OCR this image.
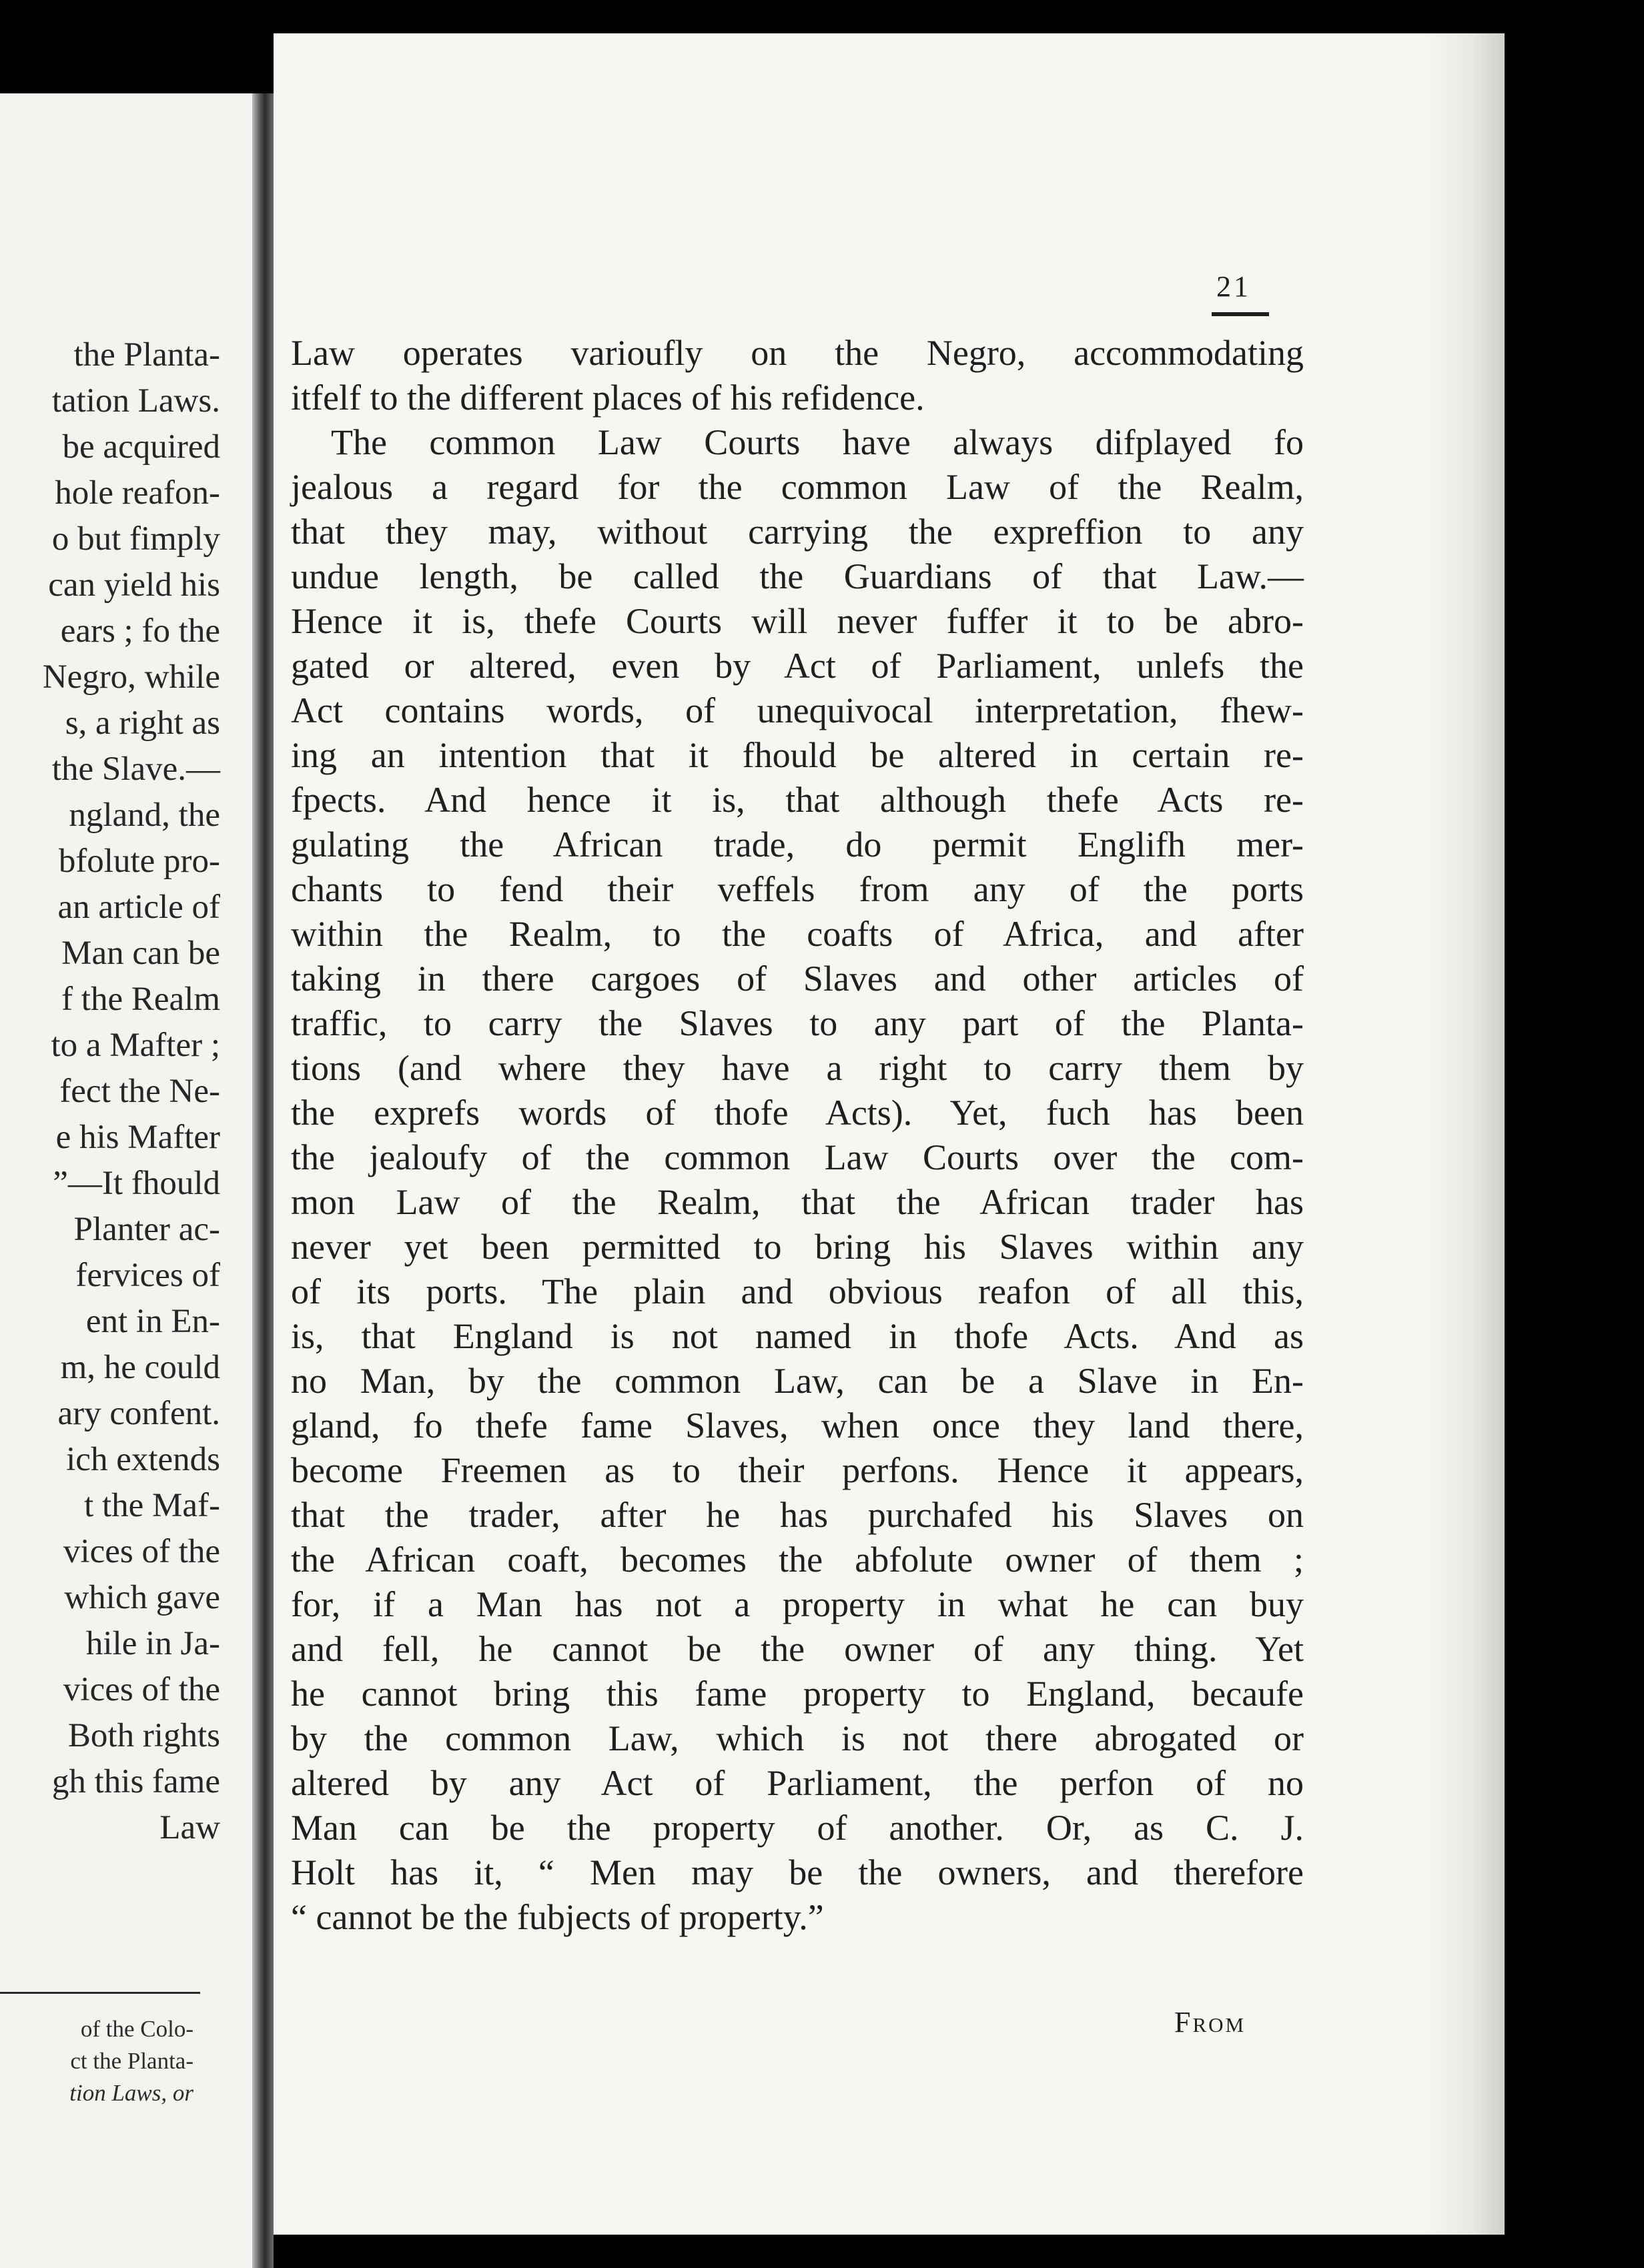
the Planta-
tation Laws.
be acquired
hole reafon-
o but fimply
can yield his
ears ; fo the
Negro, while
s, a right as
the Slave.—
ngland, the
bfolute pro-
an article of
Man can be
f the Realm
to a Mafter ;
fect the Ne-
e his Mafter
”—It fhould
Planter ac-
fervices of
ent in En-
m, he could
ary confent.
ich extends
t the Maf-
vices of the
which gave
hile in Ja-
vices of the
Both rights
gh this fame
Law
of the Colo-
ct the Planta-
tion Laws, or
21
Law operates varioufly on the Negro, accommodating
itfelf to the different places of his refidence.
The common Law Courts have always difplayed fo
jealous a regard for the common Law of the Realm,
that they may, without carrying the expreffion to any
undue length, be called the Guardians of that Law.—
Hence it is, thefe Courts will never fuffer it to be abro-
gated or altered, even by Act of Parliament, unlefs the
Act contains words, of unequivocal interpretation, fhew-
ing an intention that it fhould be altered in certain re-
fpects. And hence it is, that although thefe Acts re-
gulating the African trade, do permit Englifh mer-
chants to fend their veffels from any of the ports
within the Realm, to the coafts of Africa, and after
taking in there cargoes of Slaves and other articles of
traffic, to carry the Slaves to any part of the Planta-
tions (and where they have a right to carry them by
the exprefs words of thofe Acts). Yet, fuch has been
the jealoufy of the common Law Courts over the com-
mon Law of the Realm, that the African trader has
never yet been permitted to bring his Slaves within any
of its ports. The plain and obvious reafon of all this,
is, that England is not named in thofe Acts. And as
no Man, by the common Law, can be a Slave in En-
gland, fo thefe fame Slaves, when once they land there,
become Freemen as to their perfons. Hence it appears,
that the trader, after he has purchafed his Slaves on
the African coaft, becomes the abfolute owner of them ;
for, if a Man has not a property in what he can buy
and fell, he cannot be the owner of any thing. Yet
he cannot bring this fame property to England, becaufe
by the common Law, which is not there abrogated or
altered by any Act of Parliament, the perfon of no
Man can be the property of another. Or, as C. J.
Holt has it, “ Men may be the owners, and therefore
“ cannot be the fubjects of property.”
From
